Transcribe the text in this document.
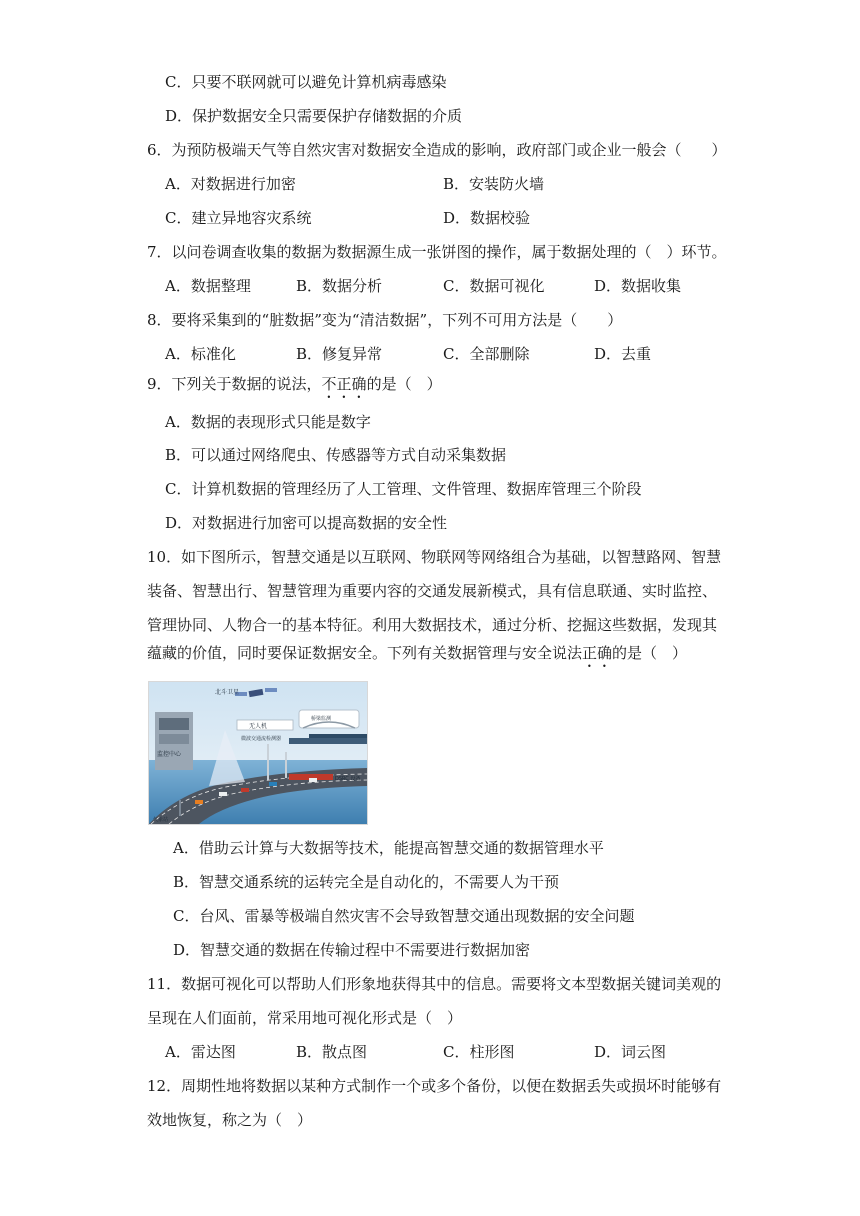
C．只要不联网就可以避免计算机病毒感染
D．保护数据安全只需要保护存储数据的介质
6．为预防极端天气等自然灾害对数据安全造成的影响，政府部门或企业一般会（　　）
A．对数据进行加密	B．安装防火墙
C．建立异地容灾系统	D．数据校验
7．以问卷调查收集的数据为数据源生成一张饼图的操作，属于数据处理的（　）环节。
A．数据整理	B．数据分析	C．数据可视化	D．数据收集
8．要将采集到的“脏数据”变为“清洁数据”，下列不可用方法是（　　）
A．标准化	B．修复异常	C．全部删除	D．去重
9．下列关于数据的说法，不正确的是（　）
A．数据的表现形式只能是数字
B．可以通过网络爬虫、传感器等方式自动采集数据
C．计算机数据的管理经历了人工管理、文件管理、数据库管理三个阶段
D．对数据进行加密可以提高数据的安全性
10．如下图所示，智慧交通是以互联网、物联网等网络组合为基础，以智慧路网、智慧
装备、智慧出行、智慧管理为重要内容的交通发展新模式，具有信息联通、实时监控、
管理协同、人物合一的基本特征。利用大数据技术，通过分析、挖掘这些数据，发现其
蕴藏的价值，同时要保证数据安全。下列有关数据管理与安全说法正确的是（　）
监控中心
北斗卫星
无人机
微波交通流检测器
桥梁监测
DSRC 设备
气象站
A．借助云计算与大数据等技术，能提高智慧交通的数据管理水平
B．智慧交通系统的运转完全是自动化的，不需要人为干预
C．台风、雷暴等极端自然灾害不会导致智慧交通出现数据的安全问题
D．智慧交通的数据在传输过程中不需要进行数据加密
11．数据可视化可以帮助人们形象地获得其中的信息。需要将文本型数据关键词美观的
呈现在人们面前，常采用地可视化形式是（　）
A．雷达图	B．散点图	C．柱形图	D．词云图
12．周期性地将数据以某种方式制作一个或多个备份，以便在数据丢失或损坏时能够有
效地恢复，称之为（　）
